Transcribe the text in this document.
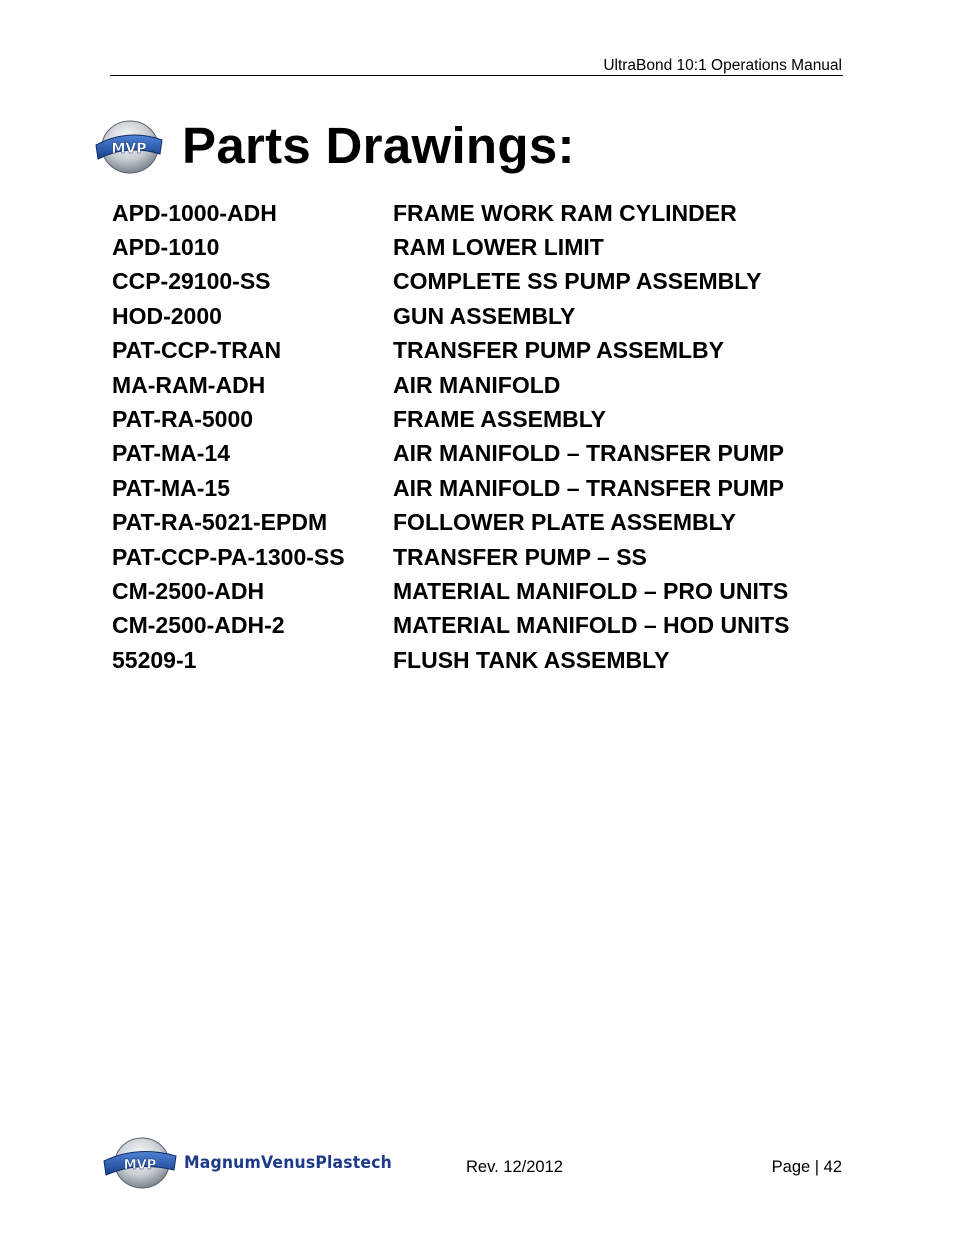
UltraBond 10:1 Operations Manual
MVP Parts Drawings:
APD-1000-ADH	FRAME WORK RAM CYLINDER
APD-1010	RAM LOWER LIMIT
CCP-29100-SS	COMPLETE SS PUMP ASSEMBLY
HOD-2000	GUN ASSEMBLY
PAT-CCP-TRAN	TRANSFER PUMP ASSEMLBY
MA-RAM-ADH	AIR MANIFOLD
PAT-RA-5000	FRAME ASSEMBLY
PAT-MA-14	AIR MANIFOLD – TRANSFER PUMP
PAT-MA-15	AIR MANIFOLD – TRANSFER PUMP
PAT-RA-5021-EPDM	FOLLOWER PLATE ASSEMBLY
PAT-CCP-PA-1300-SS	TRANSFER PUMP – SS
CM-2500-ADH	MATERIAL MANIFOLD – PRO UNITS
CM-2500-ADH-2	MATERIAL MANIFOLD – HOD UNITS
55209-1	FLUSH TANK ASSEMBLY
MVP MagnumVenusPlastech	Rev. 12/2012	Page | 42
